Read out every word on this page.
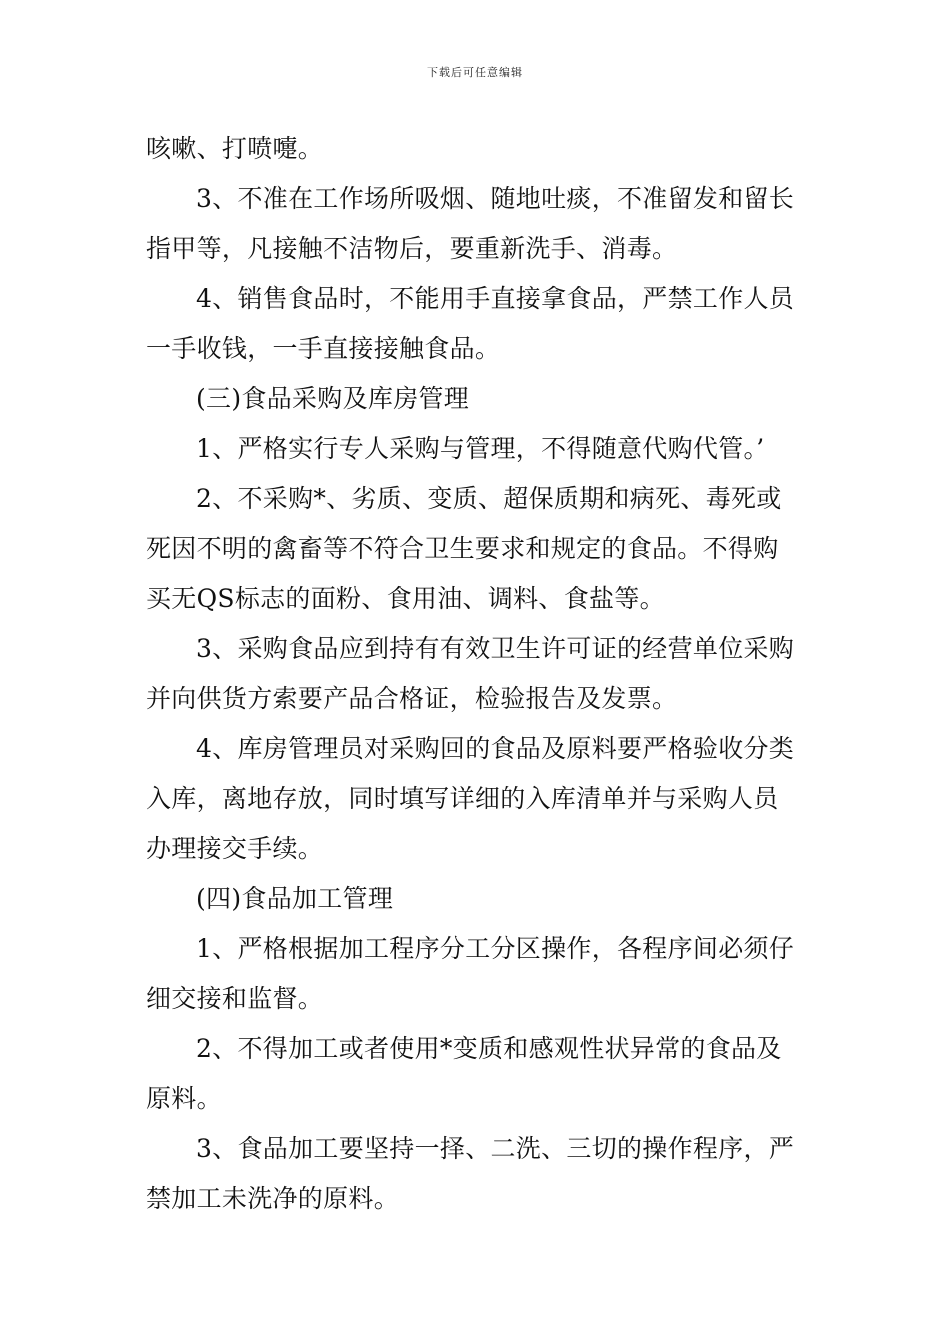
下载后可任意编辑
咳嗽、打喷嚏。
3、不准在工作场所吸烟、随地吐痰，不准留发和留长
指甲等，凡接触不洁物后，要重新洗手、消毒。
4、销售食品时，不能用手直接拿食品，严禁工作人员
一手收钱，一手直接接触食品。
(三)食品采购及库房管理
1、严格实行专人采购与管理，不得随意代购代管。’
2、不采购*、劣质、变质、超保质期和病死、毒死或
死因不明的禽畜等不符合卫生要求和规定的食品。不得购
买无QS标志的面粉、食用油、调料、食盐等。
3、采购食品应到持有有效卫生许可证的经营单位采购
并向供货方索要产品合格证，检验报告及发票。
4、库房管理员对采购回的食品及原料要严格验收分类
入库，离地存放，同时填写详细的入库清单并与采购人员
办理接交手续。
(四)食品加工管理
1、严格根据加工程序分工分区操作，各程序间必须仔
细交接和监督。
2、不得加工或者使用*变质和感观性状异常的食品及
原料。
3、食品加工要坚持一择、二洗、三切的操作程序，严
禁加工未洗净的原料。
